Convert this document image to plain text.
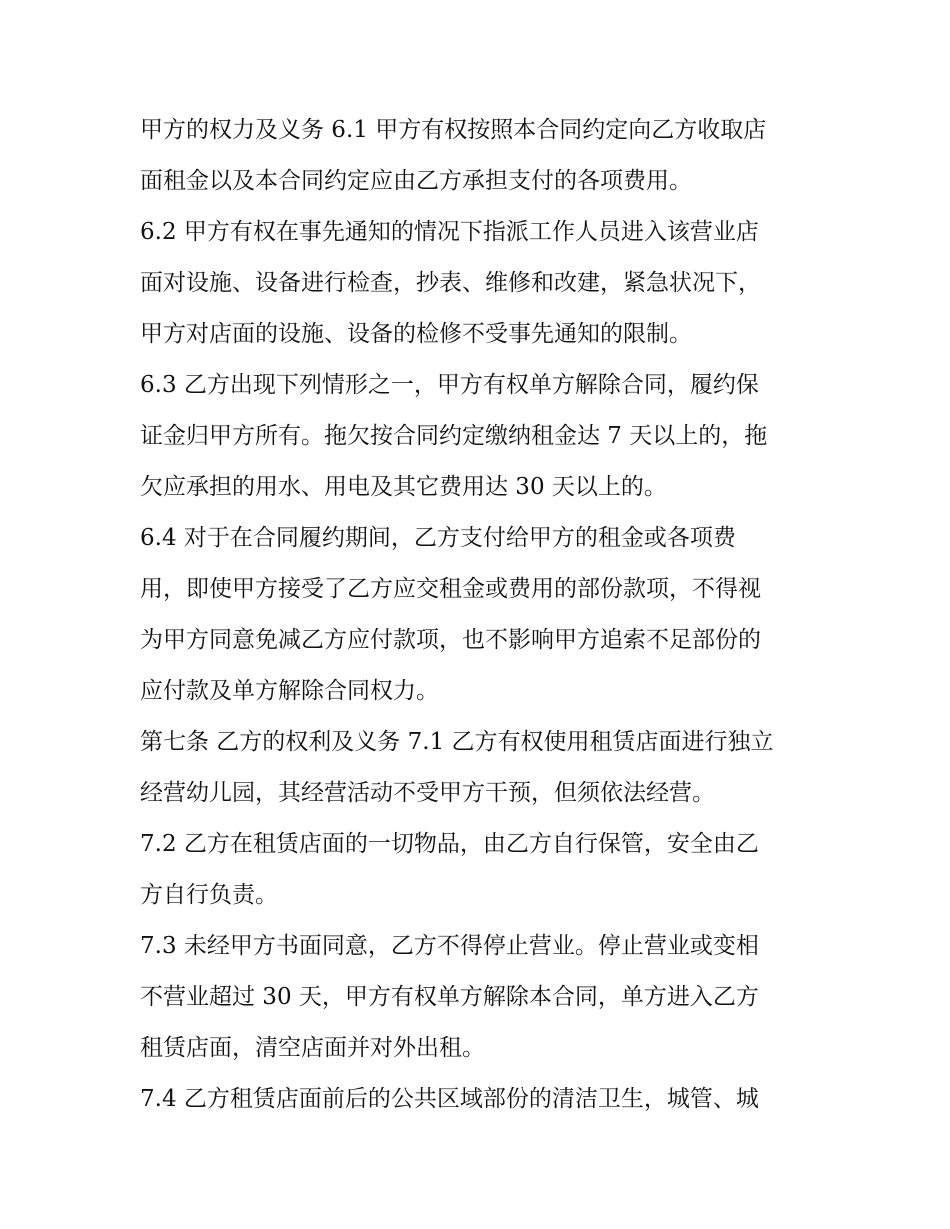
甲方的权力及义务 6.1 甲方有权按照本合同约定向乙方收取店
面租金以及本合同约定应由乙方承担支付的各项费用。
6.2 甲方有权在事先通知的情况下指派工作人员进入该营业店
面对设施、设备进行检查，抄表、维修和改建，紧急状况下，
甲方对店面的设施、设备的检修不受事先通知的限制。
6.3 乙方出现下列情形之一，甲方有权单方解除合同，履约保
证金归甲方所有。拖欠按合同约定缴纳租金达 7 天以上的，拖
欠应承担的用水、用电及其它费用达 30 天以上的。
6.4 对于在合同履约期间，乙方支付给甲方的租金或各项费
用，即使甲方接受了乙方应交租金或费用的部份款项，不得视
为甲方同意免减乙方应付款项，也不影响甲方追索不足部份的
应付款及单方解除合同权力。
第七条 乙方的权利及义务 7.1 乙方有权使用租赁店面进行独立
经营幼儿园，其经营活动不受甲方干预，但须依法经营。
7.2 乙方在租赁店面的一切物品，由乙方自行保管，安全由乙
方自行负责。
7.3 未经甲方书面同意，乙方不得停止营业。停止营业或变相
不营业超过 30 天，甲方有权单方解除本合同，单方进入乙方
租赁店面，清空店面并对外出租。
7.4 乙方租赁店面前后的公共区域部份的清洁卫生，城管、城
